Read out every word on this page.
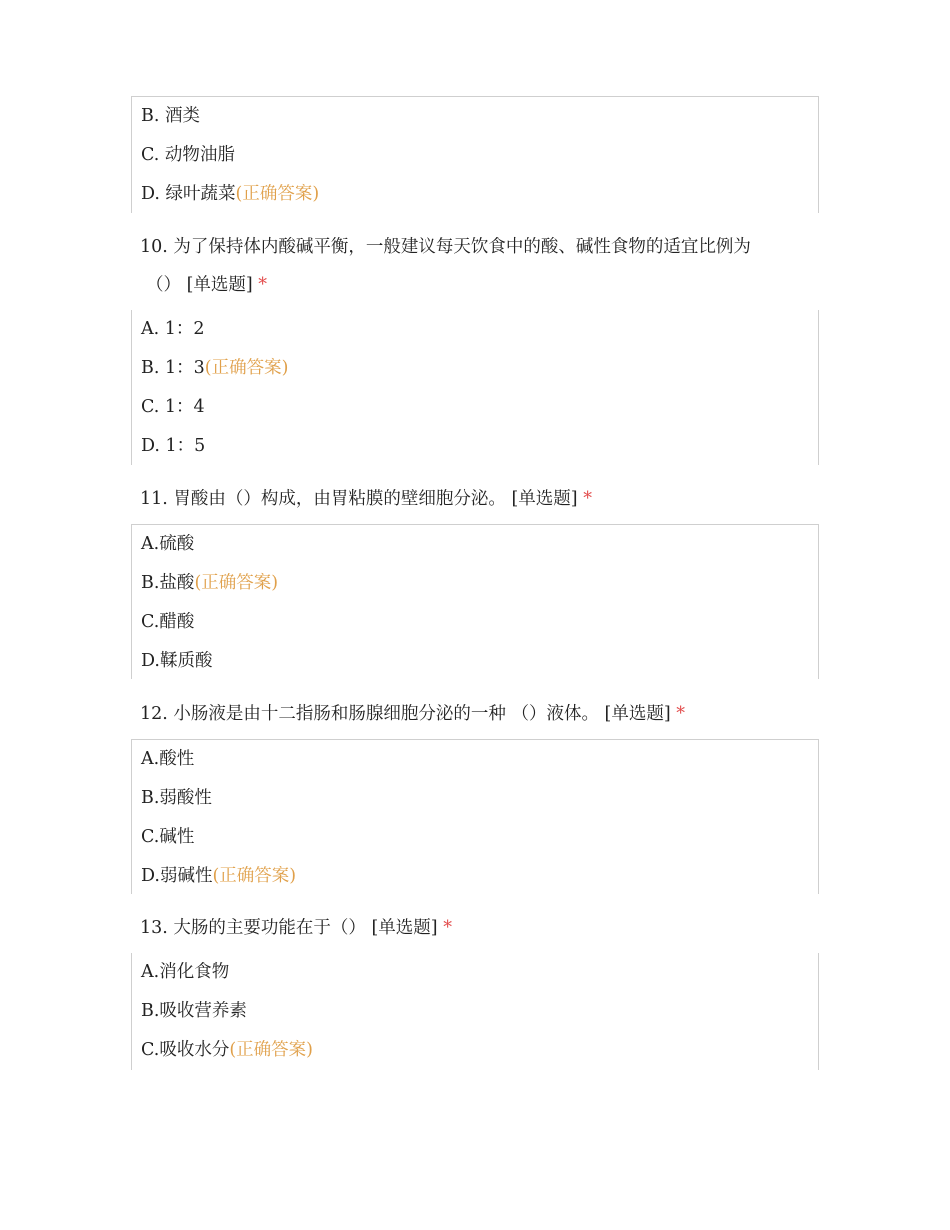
B. 酒类
C. 动物油脂
D. 绿叶蔬菜(正确答案)
10. 为了保持体内酸碱平衡，一般建议每天饮食中的酸、碱性食物的适宜比例为
（） [单选题] *
A. 1：2
B. 1：3(正确答案)
C. 1：4
D. 1：5
11. 胃酸由（）构成，由胃粘膜的壁细胞分泌。 [单选题] *
A.硫酸
B.盐酸(正确答案)
C.醋酸
D.鞣质酸
12. 小肠液是由十二指肠和肠腺细胞分泌的一种 （）液体。 [单选题] *
A.酸性
B.弱酸性
C.碱性
D.弱碱性(正确答案)
13. 大肠的主要功能在于（） [单选题] *
A.消化食物
B.吸收营养素
C.吸收水分(正确答案)
